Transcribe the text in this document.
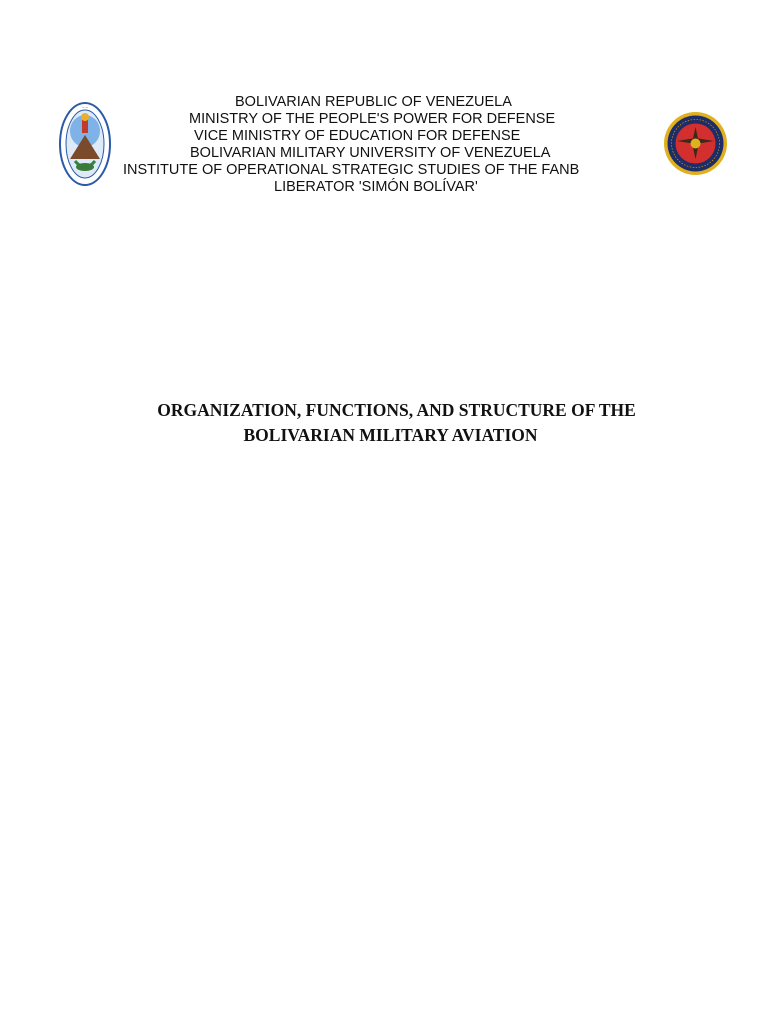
·····	BOLIVARIAN REPUBLIC OF VENEZUELA
MINISTRY OF THE PEOPLE'S POWER FOR DEFENSE
VICE MINISTRY OF EDUCATION FOR DEFENSE
BOLIVARIAN MILITARY UNIVERSITY OF VENEZUELA
INSTITUTE OF OPERATIONAL STRATEGIC STUDIES OF THE FANB
LIBERATOR 'SIMÓN BOLÍVAR'
ORGANIZATION, FUNCTIONS, AND STRUCTURE OF THE
BOLIVARIAN MILITARY AVIATION
